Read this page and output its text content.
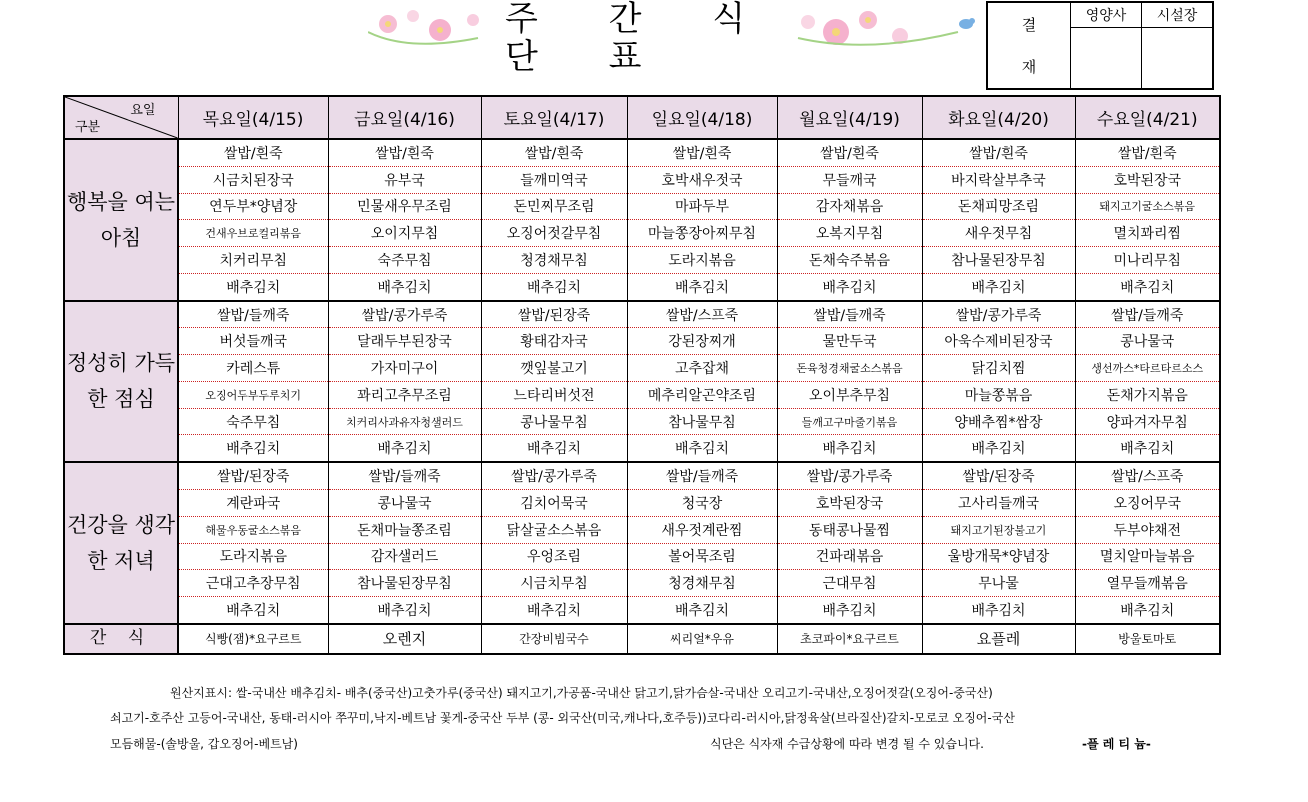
주 간 식 단 표
결
재	영양사	시설장

요일
구분	목요일(4/15)	금요일(4/16)	토요일(4/17)	일요일(4/18)	월요일(4/19)	화요일(4/20)	수요일(4/21)
행복을 여는 아침	쌀밥/흰죽	쌀밥/흰죽	쌀밥/흰죽	쌀밥/흰죽	쌀밥/흰죽	쌀밥/흰죽	쌀밥/흰죽
	시금치된장국	유부국	들깨미역국	호박새우젓국	무들깨국	바지락살부추국	호박된장국
	연두부*양념장	민물새우무조림	돈민찌무조림	마파두부	감자채볶음	돈채피망조림	돼지고기굴소스볶음
	건새우브로컬리볶음	오이지무침	오징어젓갈무침	마늘쫑장아찌무침	오복지무침	새우젓무침	멸치꽈리찜
	치커리무침	숙주무침	청경채무침	도라지볶음	돈채숙주볶음	참나물된장무침	미나리무침
	배추김치	배추김치	배추김치	배추김치	배추김치	배추김치	배추김치
정성히 가득한 점심	쌀밥/들깨죽	쌀밥/콩가루죽	쌀밥/된장죽	쌀밥/스프죽	쌀밥/들깨죽	쌀밥/콩가루죽	쌀밥/들깨죽
	버섯들깨국	달래두부된장국	황태감자국	강된장찌개	물만두국	아욱수제비된장국	콩나물국
	카레스튜	가자미구이	깻잎불고기	고추잡채	돈육청경채굴소스볶음	닭김치찜	생선까스*타르타르소스
	오징어두부두루치기	꽈리고추무조림	느타리버섯전	메추리알곤약조림	오이부추무침	마늘쫑볶음	돈채가지볶음
	숙주무침	치커리사과유자청샐러드	콩나물무침	참나물무침	들깨고구마줄기볶음	양배추찜*쌈장	양파겨자무침
	배추김치	배추김치	배추김치	배추김치	배추김치	배추김치	배추김치
건강을 생각한 저녁	쌀밥/된장죽	쌀밥/들깨죽	쌀밥/콩가루죽	쌀밥/들깨죽	쌀밥/콩가루죽	쌀밥/된장죽	쌀밥/스프죽
	계란파국	콩나물국	김치어묵국	청국장	호박된장국	고사리들깨국	오징어무국
	해물우동굴소스볶음	돈채마늘쫑조림	닭살굴소스볶음	새우젓계란찜	동태콩나물찜	돼지고기된장불고기	두부야채전
	도라지볶음	감자샐러드	우엉조림	볼어묵조림	건파래볶음	울방개묵*양념장	멸치알마늘볶음
	근대고추장무침	참나물된장무침	시금치무침	청경채무침	근대무침	무나물	열무들깨볶음
	배추김치	배추김치	배추김치	배추김치	배추김치	배추김치	배추김치
간 식	식빵(잼)*요구르트	오렌지	간장비빔국수	씨리얼*우유	초코파이*요구르트	요플레	방울토마토
원산지표시: 쌀-국내산 배추김치- 배추(중국산)고춧가루(중국산) 돼지고기,가공품-국내산 닭고기,닭가슴살-국내산 오리고기-국내산,오징어젓갈(오징어-중국산)
쇠고기-호주산 고등어-국내산, 동태-러시아 쭈꾸미,낙지-베트남 꽃게-중국산 두부 (콩- 외국산(미국,캐나다,호주등))코다리-러시아,닭정육살(브라질산)갈치-모로코 오징어-국산
모듬해물-(솔방울, 갑오징어-베트남)	식단은 식자재 수급상황에 따라 변경 될 수 있습니다.	-플 레 티 늄-
